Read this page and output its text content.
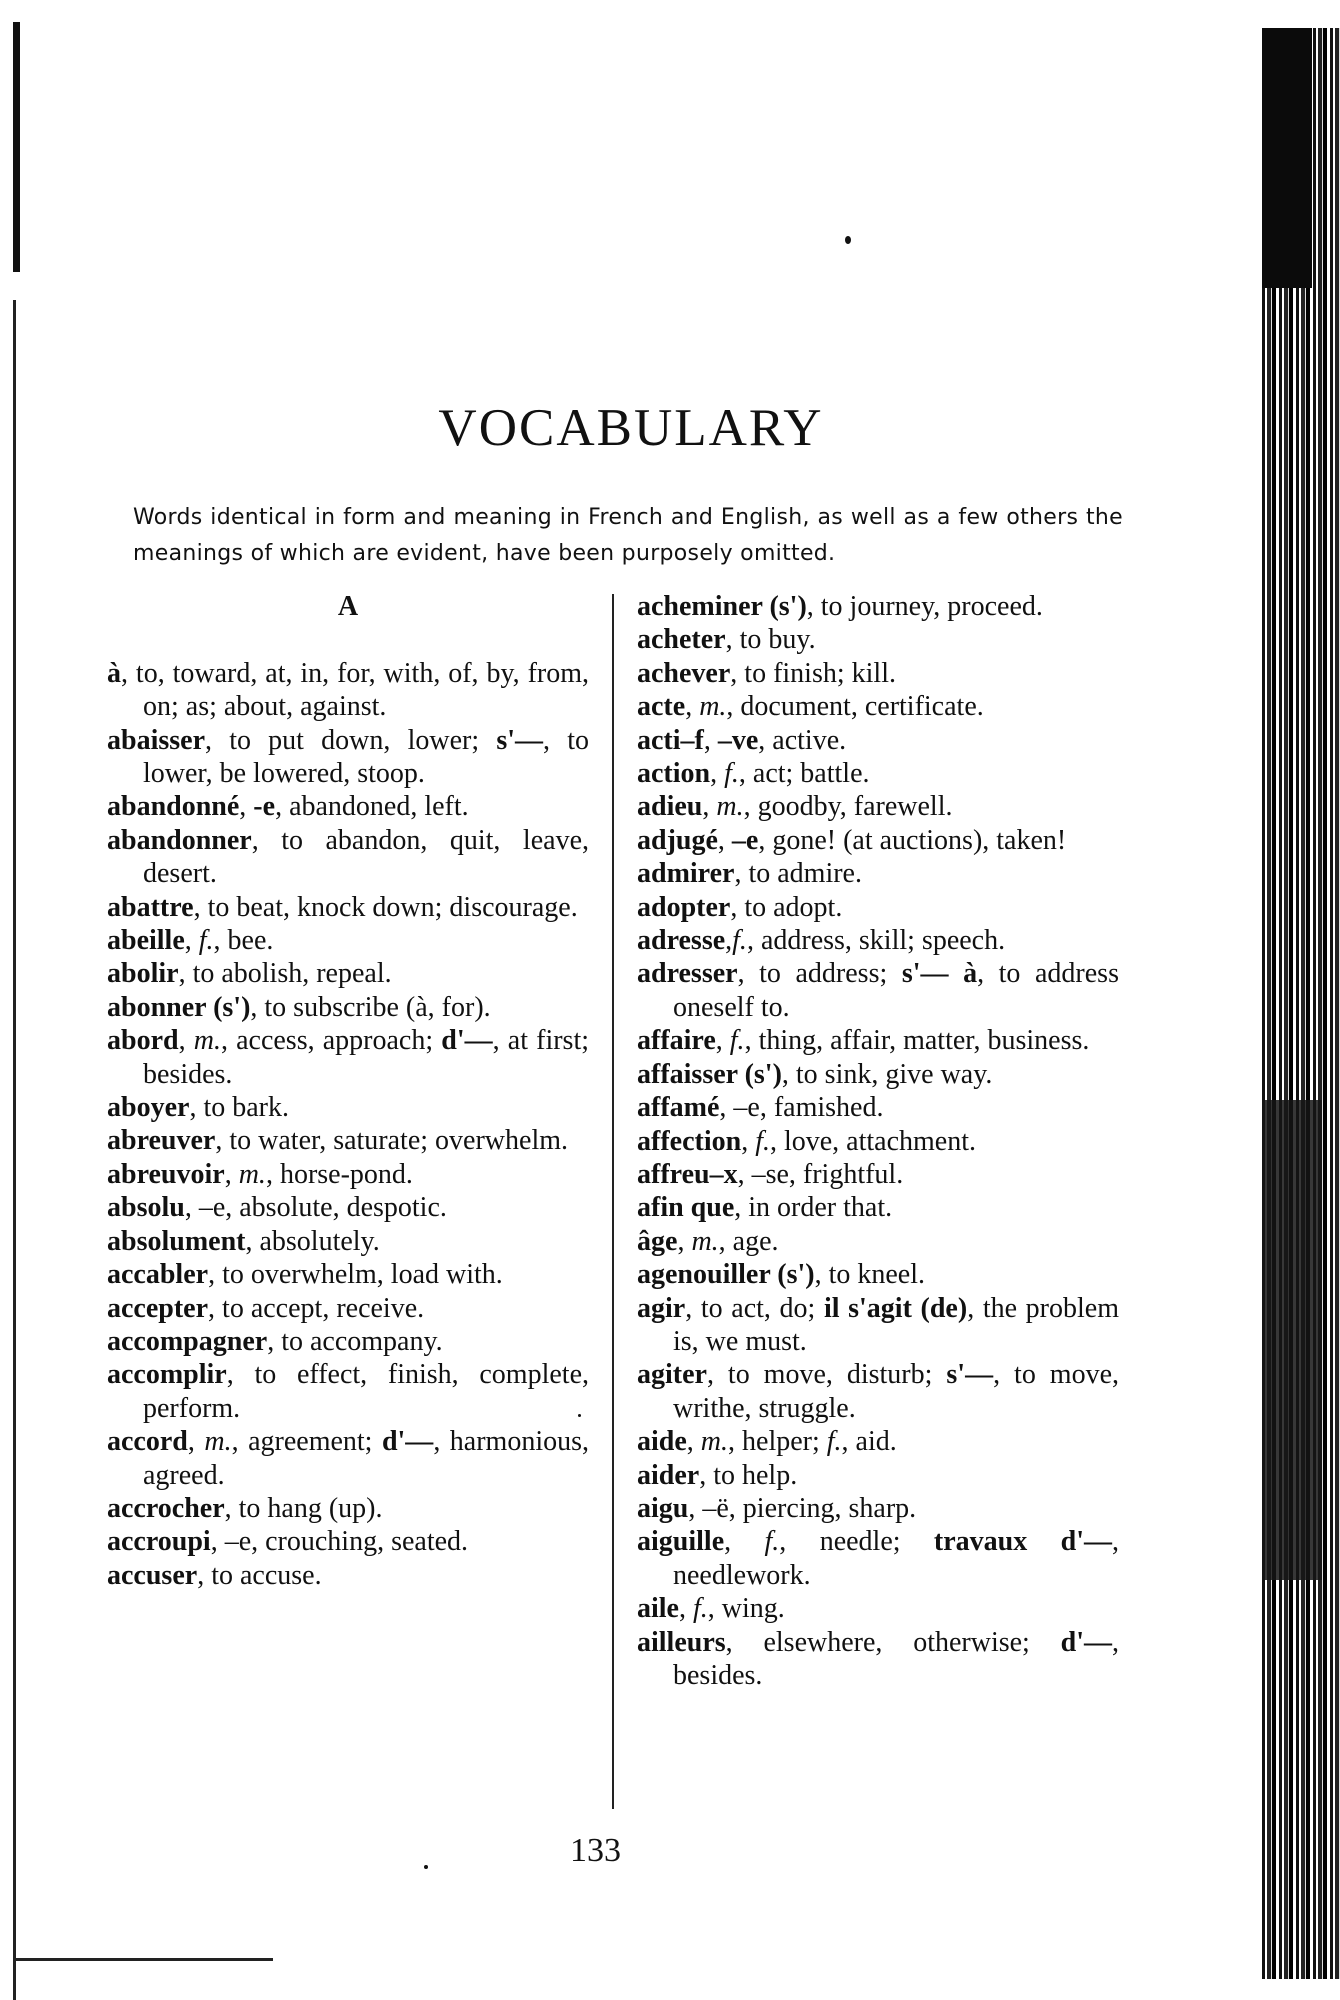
VOCABULARY

Words identical in form and meaning in French and English, as well as a few others the meanings of which are evident, have been purposely omitted.

A
à, to, toward, at, in, for, with, of, by, from, on; as; about, against.
abaisser, to put down, lower; s'—, to lower, be lowered, stoop.
abandonné, -e, abandoned, left.
abandonner, to abandon, quit, leave, desert.
abattre, to beat, knock down; discourage.
abeille, f., bee.
abolir, to abolish, repeal.
abonner (s'), to subscribe (à, for).
abord, m., access, approach; d'—, at first; besides.
aboyer, to bark.
abreuver, to water, saturate; overwhelm.
abreuvoir, m., horse-pond.
absolu, –e, absolute, despotic.
absolument, absolutely.
accabler, to overwhelm, load with.
accepter, to accept, receive.
accompagner, to accompany.
accomplir, to effect, finish, complete, perform.
accord, m., agreement; d'—, harmonious, agreed.
accrocher, to hang (up).
accroupi, –e, crouching, seated.
accuser, to accuse.
acheminer (s'), to journey, proceed.
acheter, to buy.
achever, to finish; kill.
acte, m., document, certificate.
acti–f, –ve, active.
action, f., act; battle.
adieu, m., goodby, farewell.
adjugé, –e, gone! (at auctions), taken!
admirer, to admire.
adopter, to adopt.
adresse,f., address, skill; speech.
adresser, to address; s'— à, to address oneself to.
affaire, f., thing, affair, matter, business.
affaisser (s'), to sink, give way.
affamé, –e, famished.
affection, f., love, attachment.
affreu–x, –se, frightful.
afin que, in order that.
âge, m., age.
agenouiller (s'), to kneel.
agir, to act, do; il s'agit (de), the problem is, we must.
agiter, to move, disturb; s'—, to move, writhe, struggle.
aide, m., helper; f., aid.
aider, to help.
aigu, –ë, piercing, sharp.
aiguille, f., needle; travaux d'—, needlework.
aile, f., wing.
ailleurs, elsewhere, otherwise; d'—, besides.
133
